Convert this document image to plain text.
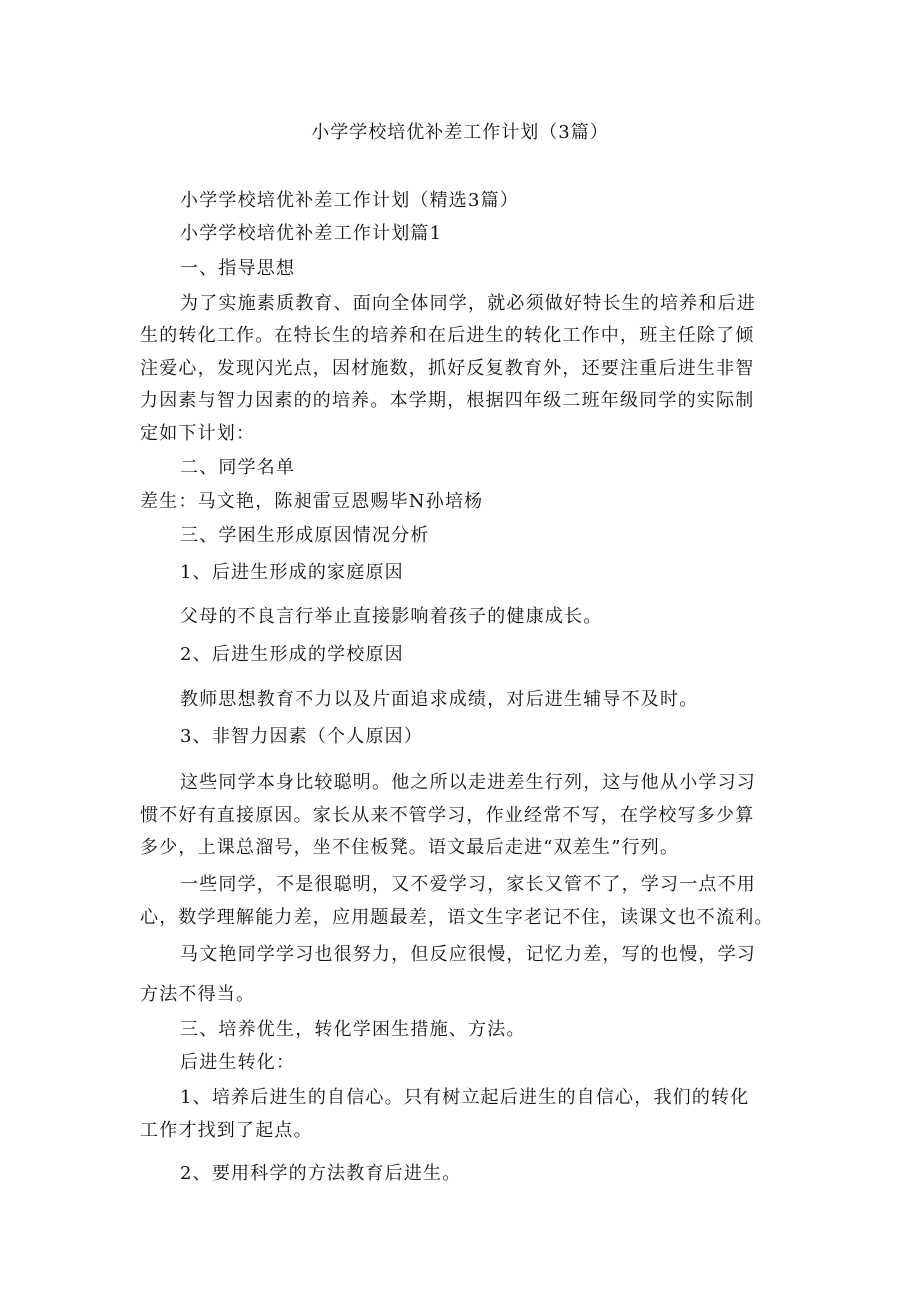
小学学校培优补差工作计划（3篇）
小学学校培优补差工作计划（精选3篇）
小学学校培优补差工作计划篇1
一、指导思想
为了实施素质教育、面向全体同学，就必须做好特长生的培养和后进
生的转化工作。在特长生的培养和在后进生的转化工作中，班主任除了倾
注爱心，发现闪光点，因材施数，抓好反复教育外，还要注重后进生非智
力因素与智力因素的的培养。本学期，根据四年级二班年级同学的实际制
定如下计划：
二、同学名单
差生：马文艳，陈昶雷豆恩赐毕N孙培杨
三、学困生形成原因情况分析
1、后进生形成的家庭原因
父母的不良言行举止直接影响着孩子的健康成长。
2、后进生形成的学校原因
教师思想教育不力以及片面追求成绩，对后进生辅导不及时。
3、非智力因素（个人原因）
这些同学本身比较聪明。他之所以走进差生行列，这与他从小学习习
惯不好有直接原因。家长从来不管学习，作业经常不写，在学校写多少算
多少，上课总溜号，坐不住板凳。语文最后走进“双差生”行列。
一些同学，不是很聪明，又不爱学习，家长又管不了，学习一点不用
心，数学理解能力差，应用题最差，语文生字老记不住，读课文也不流利。
马文艳同学学习也很努力，但反应很慢，记忆力差，写的也慢，学习
方法不得当。
三、培养优生，转化学困生措施、方法。
后进生转化：
1、培养后进生的自信心。只有树立起后进生的自信心，我们的转化
工作才找到了起点。
2、要用科学的方法教育后进生。
